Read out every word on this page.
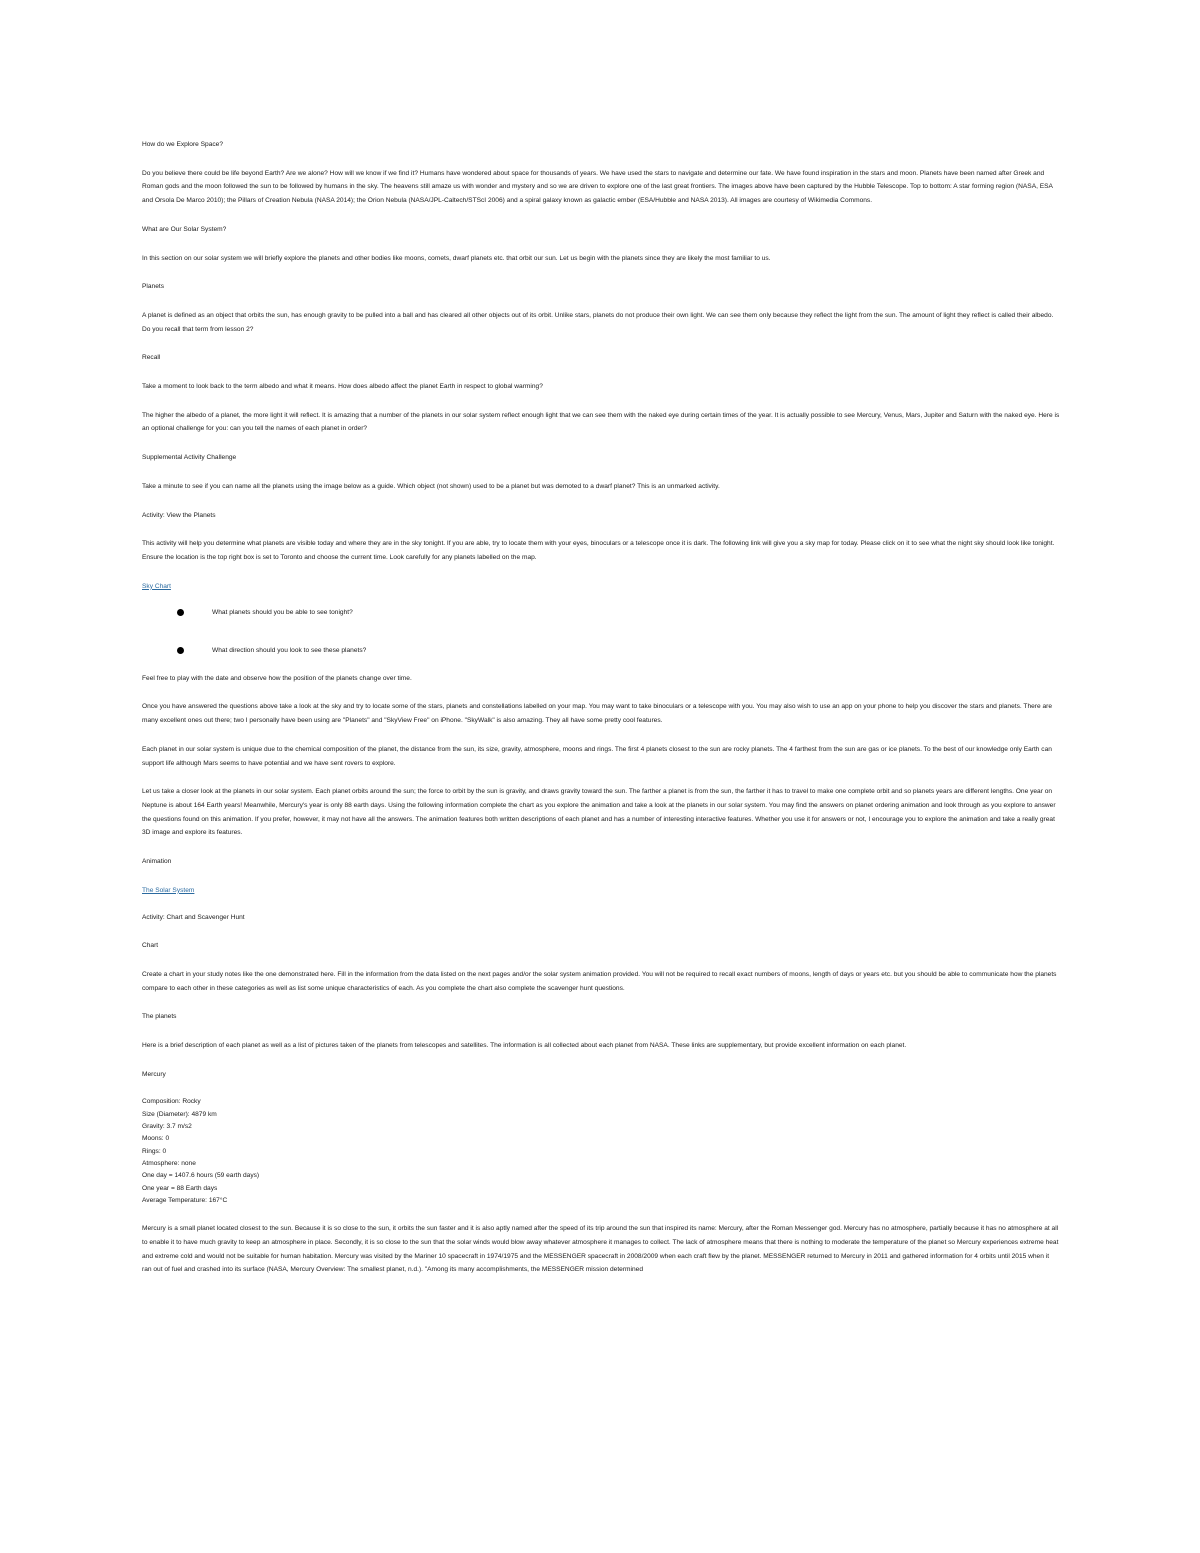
How do we Explore Space?

Do you believe there could be life beyond Earth? Are we alone? How will we know if we find it? Humans have wondered about space for thousands of years. We have used the stars to navigate and determine our fate. We have found inspiration in the stars and moon. Planets have been named after Greek and Roman gods and the moon followed the sun to be followed by humans in the sky. The heavens still amaze us with wonder and mystery and so we are driven to explore one of the last great frontiers. The images above have been captured by the Hubble Telescope. Top to bottom: A star forming region (NASA, ESA and Orsola De Marco 2010); the Pillars of Creation Nebula (NASA 2014); the Orion Nebula (NASA/JPL-Caltech/STScI 2006) and a spiral galaxy known as galactic ember (ESA/Hubble and NASA 2013). All images are courtesy of Wikimedia Commons.

What are Our Solar System?

In this section on our solar system we will briefly explore the planets and other bodies like moons, comets, dwarf planets etc. that orbit our sun. Let us begin with the planets since they are likely the most familiar to us.

Planets

A planet is defined as an object that orbits the sun, has enough gravity to be pulled into a ball and has cleared all other objects out of its orbit. Unlike stars, planets do not produce their own light. We can see them only because they reflect the light from the sun. The amount of light they reflect is called their albedo. Do you recall that term from lesson 2?

Recall

Take a moment to look back to the term albedo and what it means. How does albedo affect the planet Earth in respect to global warming?

The higher the albedo of a planet, the more light it will reflect. It is amazing that a number of the planets in our solar system reflect enough light that we can see them with the naked eye during certain times of the year. It is actually possible to see Mercury, Venus, Mars, Jupiter and Saturn with the naked eye. Here is an optional challenge for you: can you tell the names of each planet in order?

Supplemental Activity Challenge

Take a minute to see if you can name all the planets using the image below as a guide. Which object (not shown) used to be a planet but was demoted to a dwarf planet? This is an unmarked activity.

Activity: View the Planets

This activity will help you determine what planets are visible today and where they are in the sky tonight. If you are able, try to locate them with your eyes, binoculars or a telescope once it is dark. The following link will give you a sky map for today. Please click on it to see what the night sky should look like tonight. Ensure the location is the top right box is set to Toronto and choose the current time. Look carefully for any planets labelled on the map.

Sky Chart

What planets should you be able to see tonight?
What direction should you look to see these planets?

Feel free to play with the date and observe how the position of the planets change over time.

Once you have answered the questions above take a look at the sky and try to locate some of the stars, planets and constellations labelled on your map. You may want to take binoculars or a telescope with you. You may also wish to use an app on your phone to help you discover the stars and planets. There are many excellent ones out there; two I personally have been using are "Planets" and "SkyView Free" on iPhone. "SkyWalk" is also amazing. They all have some pretty cool features.

Each planet in our solar system is unique due to the chemical composition of the planet, the distance from the sun, its size, gravity, atmosphere, moons and rings. The first 4 planets closest to the sun are rocky planets. The 4 farthest from the sun are gas or ice planets. To the best of our knowledge only Earth can support life although Mars seems to have potential and we have sent rovers to explore.

Let us take a closer look at the planets in our solar system. Each planet orbits around the sun; the force to orbit by the sun is gravity, and draws gravity toward the sun. The farther a planet is from the sun, the farther it has to travel to make one complete orbit and so planets years are different lengths. One year on Neptune is about 164 Earth years! Meanwhile, Mercury's year is only 88 earth days. Using the following information complete the chart as you explore the animation and take a look at the planets in our solar system. You may find the answers on planet ordering animation and look through as you explore to answer the questions found on this animation. If you prefer, however, it may not have all the answers. The animation features both written descriptions of each planet and has a number of interesting interactive features. Whether you use it for answers or not, I encourage you to explore the animation and take a really great 3D image and explore its features.

Animation

The Solar System

Activity: Chart and Scavenger Hunt

Chart

Create a chart in your study notes like the one demonstrated here. Fill in the information from the data listed on the next pages and/or the solar system animation provided. You will not be required to recall exact numbers of moons, length of days or years etc. but you should be able to communicate how the planets compare to each other in these categories as well as list some unique characteristics of each. As you complete the chart also complete the scavenger hunt questions.

The planets

Here is a brief description of each planet as well as a list of pictures taken of the planets from telescopes and satellites. The information is all collected about each planet from NASA. These links are supplementary, but provide excellent information on each planet.

Mercury

Composition: Rocky
Size (Diameter): 4879 km
Gravity: 3.7 m/s2
Moons: 0
Rings: 0
Atmosphere: none
One day = 1407.6 hours (59 earth days)
One year = 88 Earth days
Average Temperature: 167°C

Mercury is a small planet located closest to the sun. Because it is so close to the sun, it orbits the sun faster and it is also aptly named after the speed of its trip around the sun that inspired its name: Mercury, after the Roman Messenger god. Mercury has no atmosphere, partially because it has no atmosphere at all to enable it to have much gravity to keep an atmosphere in place. Secondly, it is so close to the sun that the solar winds would blow away whatever atmosphere it manages to collect. The lack of atmosphere means that there is nothing to moderate the temperature of the planet so Mercury experiences extreme heat and extreme cold and would not be suitable for human habitation. Mercury was visited by the Mariner 10 spacecraft in 1974/1975 and the MESSENGER spacecraft in 2008/2009 when each craft flew by the planet. MESSENGER returned to Mercury in 2011 and gathered information for 4 orbits until 2015 when it ran out of fuel and crashed into its surface (NASA, Mercury Overview: The smallest planet, n.d.). "Among its many accomplishments, the MESSENGER mission determined
